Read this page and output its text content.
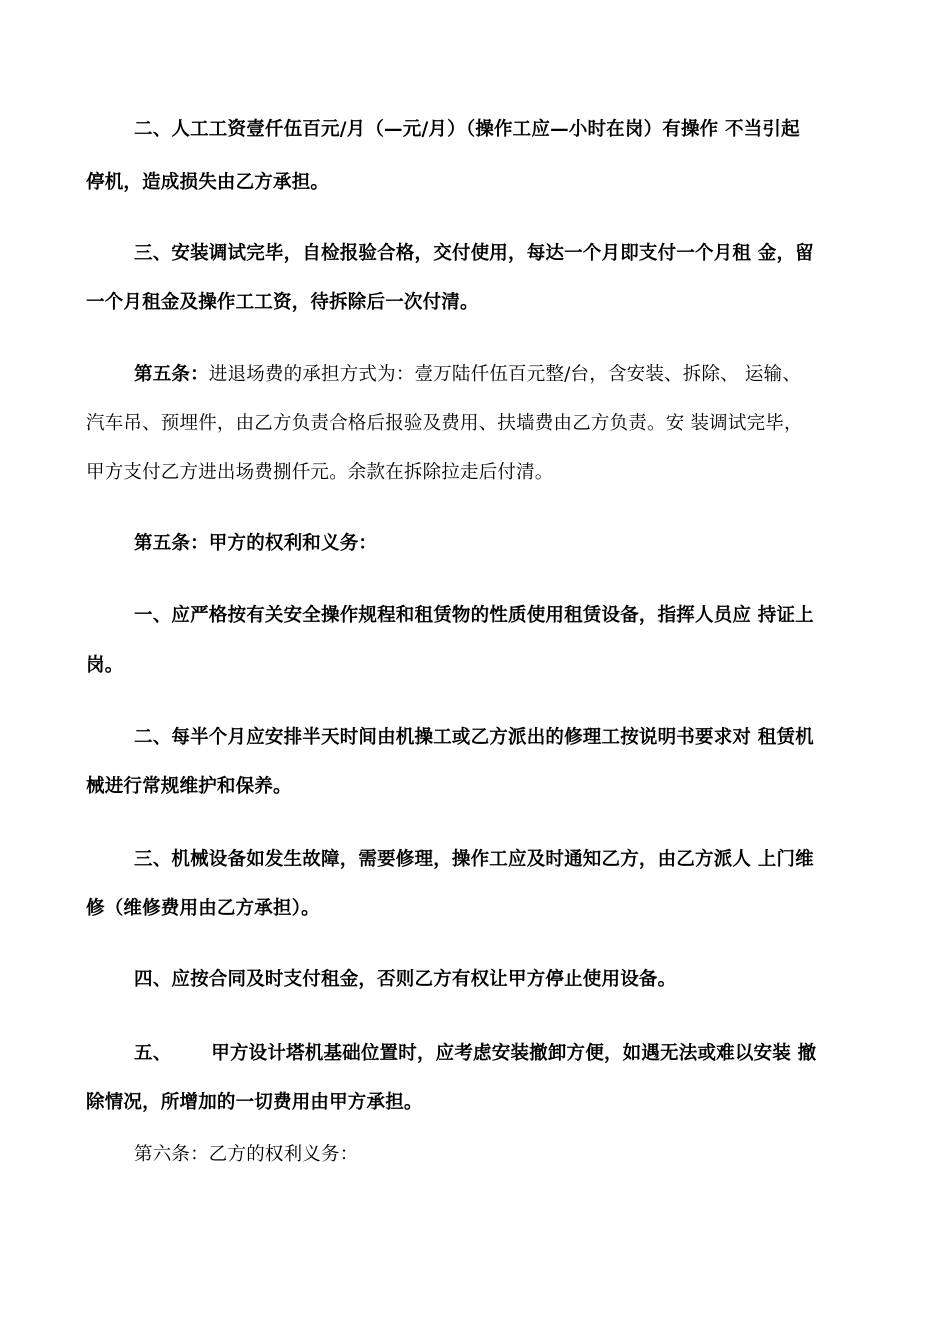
二、人工工资壹仟伍百元/月（—元/月）（操作工应—小时在岗）有操作 不当引起
停机，造成损失由乙方承担。
三、安装调试完毕，自检报验合格，交付使用，每达一个月即支付一个月租 金，留
一个月租金及操作工工资，待拆除后一次付清。
第五条：进退场费的承担方式为：壹万陆仟伍百元整/台，含安装、拆除、 运输、
汽车吊、预埋件，由乙方负责合格后报验及费用、扶墙费由乙方负责。安 装调试完毕，
甲方支付乙方进出场费捌仟元。余款在拆除拉走后付清。
第五条：甲方的权利和义务：
一、应严格按有关安全操作规程和租赁物的性质使用租赁设备，指挥人员应 持证上
岗。
二、每半个月应安排半天时间由机操工或乙方派出的修理工按说明书要求对 租赁机
械进行常规维护和保养。
三、机械设备如发生故障，需要修理，操作工应及时通知乙方，由乙方派人 上门维
修（维修费用由乙方承担）。
四、应按合同及时支付租金，否则乙方有权让甲方停止使用设备。
五、      甲方设计塔机基础位置时，应考虑安装撤卸方便，如遇无法或难以安装 撤
除情况，所增加的一切费用由甲方承担。
第六条：乙方的权利义务：
